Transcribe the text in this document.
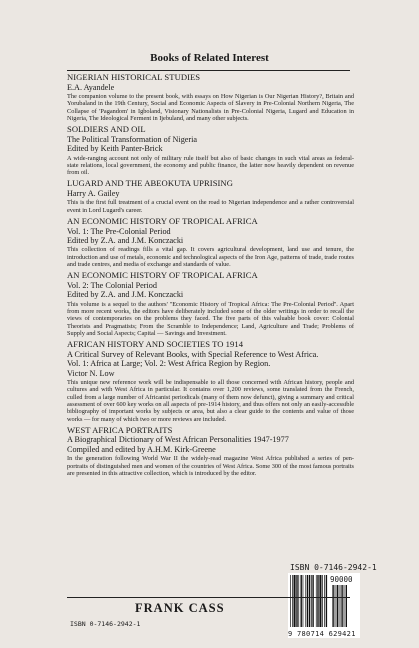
Books of Related Interest
NIGERIAN HISTORICAL STUDIES
E.A. Ayandele
The companion volume to the present book, with essays on How Nigerian is Our Nigerian History?, Britain and Yorubaland in the 19th Century, Social and Economic Aspects of Slavery in Pre-Colonial Northern Nigeria, The Collapse of 'Pagandom' in Igboland, Visionary Nationalists in Pre-Colonial Nigeria, Lugard and Education in Nigeria, The Ideological Ferment in Ijebuland, and many other subjects.
SOLDIERS AND OIL
The Political Transformation of Nigeria
Edited by Keith Panter-Brick
A wide-ranging account not only of military rule itself but also of basic changes in such vital areas as federal-state relations, local government, the economy and public finance, the latter now heavily dependent on revenue from oil.
LUGARD AND THE ABEOKUTA UPRISING
Harry A. Gailey
This is the first full treatment of a crucial event on the road to Nigerian independence and a rather controversial event in Lord Lugard's career.
AN ECONOMIC HISTORY OF TROPICAL AFRICA
Vol. 1: The Pre-Colonial Period
Edited by Z.A. and J.M. Konczacki
This collection of readings fills a vital gap. It covers agricultural development, land use and tenure, the introduction and use of metals, economic and technological aspects of the Iron Age, patterns of trade, trade routes and trade centres, and media of exchange and standards of value.
AN ECONOMIC HISTORY OF TROPICAL AFRICA
Vol. 2: The Colonial Period
Edited by Z.A. and J.M. Konczacki
This volume is a sequel to the authors' ''Economic History of Tropical Africa: The Pre-Colonial Period''. Apart from more recent works, the editors have deliberately included some of the older writings in order to recall the views of contemporaries on the problems they faced. The five parts of this valuable book cover: Colonial Theorists and Pragmatists; From the Scramble to Independence; Land, Agriculture and Trade; Problems of Supply and Social Aspects; Capital — Savings and Investment.
AFRICAN HISTORY AND SOCIETIES TO 1914
A Critical Survey of Relevant Books, with Special Reference to West Africa.
Vol. 1: Africa at Large; Vol. 2: West Africa Region by Region.
Victor N. Low
This unique new reference work will be indispensable to all those concerned with African history, people and cultures and with West Africa in particular. It contains over 1,200 reviews, some translated from the French, culled from a large number of Africanist periodicals (many of them now defunct), giving a summary and critical assessment of over 600 key works on all aspects of pre-1914 history, and thus offers not only an easily-accessible bibliography of important works by subjects or area, but also a clear guide to the contents and value of those works — for many of which two or more reviews are included.
WEST AFRICA PORTRAITS
A Biographical Dictionary of West African Personalities 1947-1977
Compiled and edited by A.H.M. Kirk-Greene
In the generation following World War II the widely-read magazine West Africa published a series of pen-portraits of distinguished men and women of the countries of West Africa. Some 300 of the most famous portraits are presented in this attractive collection, which is introduced by the editor.
ISBN 0-7146-2942-1
90000
9 780714 629421
FRANK CASS
ISBN 0-7146-2942-1
